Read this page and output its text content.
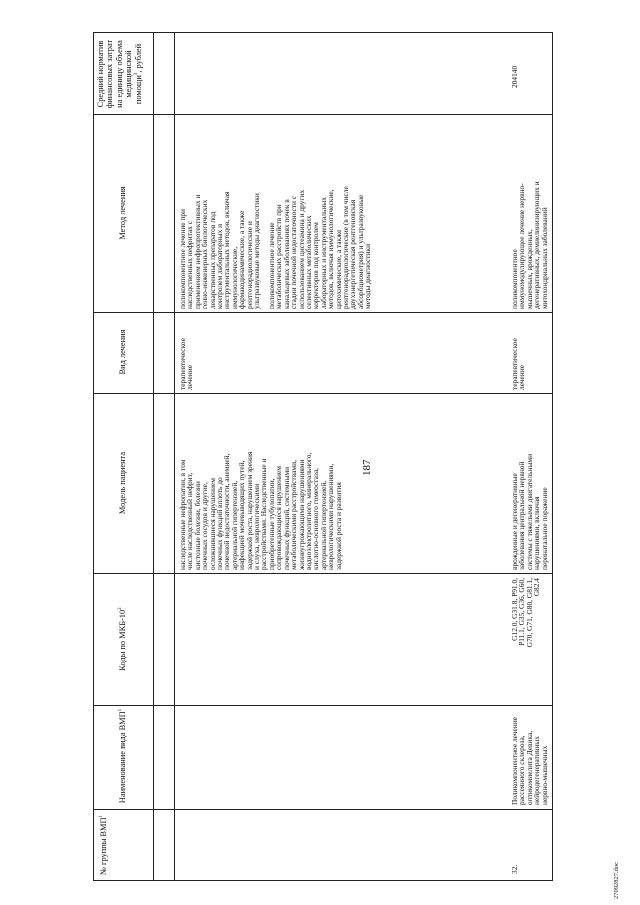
187
№ группы ВМП$^1$
Наименование вида ВМП$^1$
Коды по МКБ-$10^2$
Модель пациента
Вид лечения
Метод лечения
Средний норматив финансовых затрат на единицу объема медицинской помощи$^3$, рублей
наследственные нефропатии, в том
числе наследственный нефрит,
кистозные болезни, болезни
почечных сосудов и другие,
осложнившиеся нарушением
почечных функций вплоть до
почечной недостаточности, анемией,
артериальной гипертензией,
инфекцией мочевыводящих путей,
задержкой роста, нарушением зрения
и слуха, неврологическими
расстройствами. Наследственные и
приобретенные тубулопатии,
сопровождающиеся нарушением
почечных функций, системными
метаболическими расстройствами,
жизнеугрожающими нарушениями
водноэлектролитного, минерального,
кислотно-основного гомеостаза,
артериальной гипертензией,
неврологическими нарушениями,
задержкой роста и развития
терапевтическое
лечение
поликомпонентное лечение при
наследственных нефритах с
применением нефропротективных и
генно-инженерных биологических
лекарственных препаратов под
контролем лабораторных и
инструментальных методов, включая
иммунологические,
фармакодинамические, а также
рентгенорадиологические и
ультразвуковые методы диагностики

поликомпонентное лечение
метаболических расстройств при
канальцевых заболеваниях почек в
стадии почечной недостаточности с
использованием цистеамина и других
селективных метаболических
корректоров под контролем
лабораторных и инструментальных
методов, включая иммунологические,
цитохимические, а также
рентгенорадиологические (в том числе
двухэнергетическая рентгеновская
абсорбциометрия) и ультразвуковые
методы диагностики
32.
Поликомпонентное лечение
рассеянного склероза,
оптикомиелита Девика,
нейродегенеративных
нервно-мышечных
G12.0, G31.8, P91.0,
P11.1, G35, G36, G60,
G70, G71, G80, G81.1,
G82.4
врожденные и дегенеративные
заболевания центральной нервной
системы с тяжелыми двигательными
нарушениями, включая
перинатальное поражение
терапевтическое
лечение
поликомпонентное
иммуномодулирующее лечение нервно-
мышечных, врожденных,
дегенеративных, демиелинизирующих и
митохондриальных заболеваний
204140
27092827.doc
